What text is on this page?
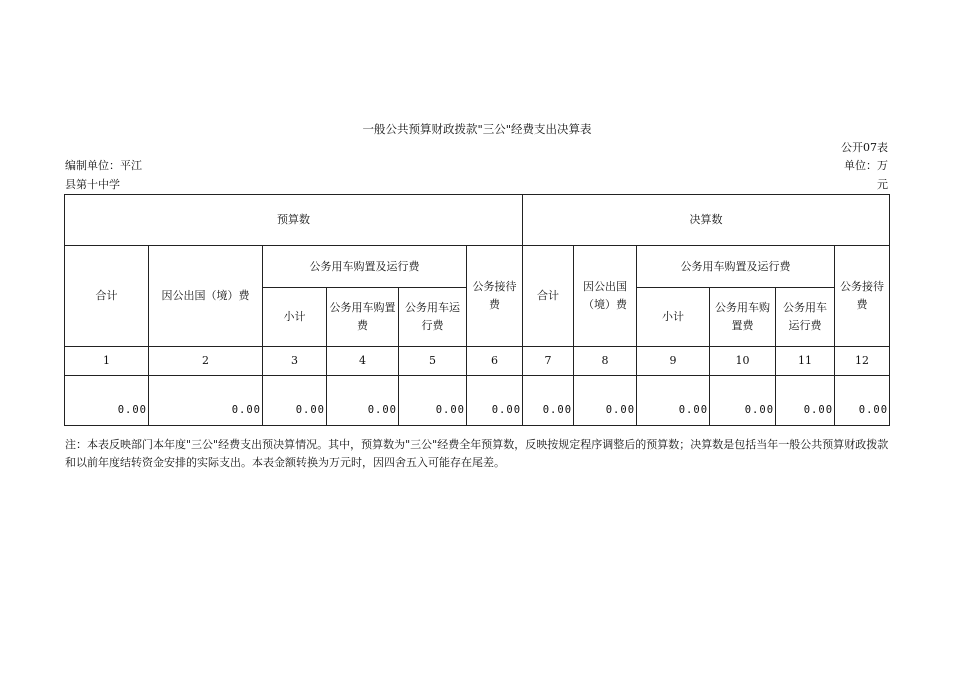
一般公共预算财政拨款"三公"经费支出决算表
公开07表
编制单位：平江	单位：万
县第十中学	元
预算数						决算数					
合计	因公出国（境）费	公务用车购置及运行费			公务接待费	合计	因公出国（境）费	公务用车购置及运行费			公务接待费
		小计	公务用车购置费	公务用车运行费				小计	公务用车购置费	公务用车运行费	
1	2	3	4	5	6	7	8	9	10	11	12
0.00	0.00	0.00	0.00	0.00	0.00	0.00	0.00	0.00	0.00	0.00	0.00
注：本表反映部门本年度"三公"经费支出预决算情况。其中，预算数为"三公"经费全年预算数，反映按规定程序调整后的预算数；决算数是包括当年一般公共预算财政拨款和以前年度结转资金安排的实际支出。本表金额转换为万元时，因四舍五入可能存在尾差。
